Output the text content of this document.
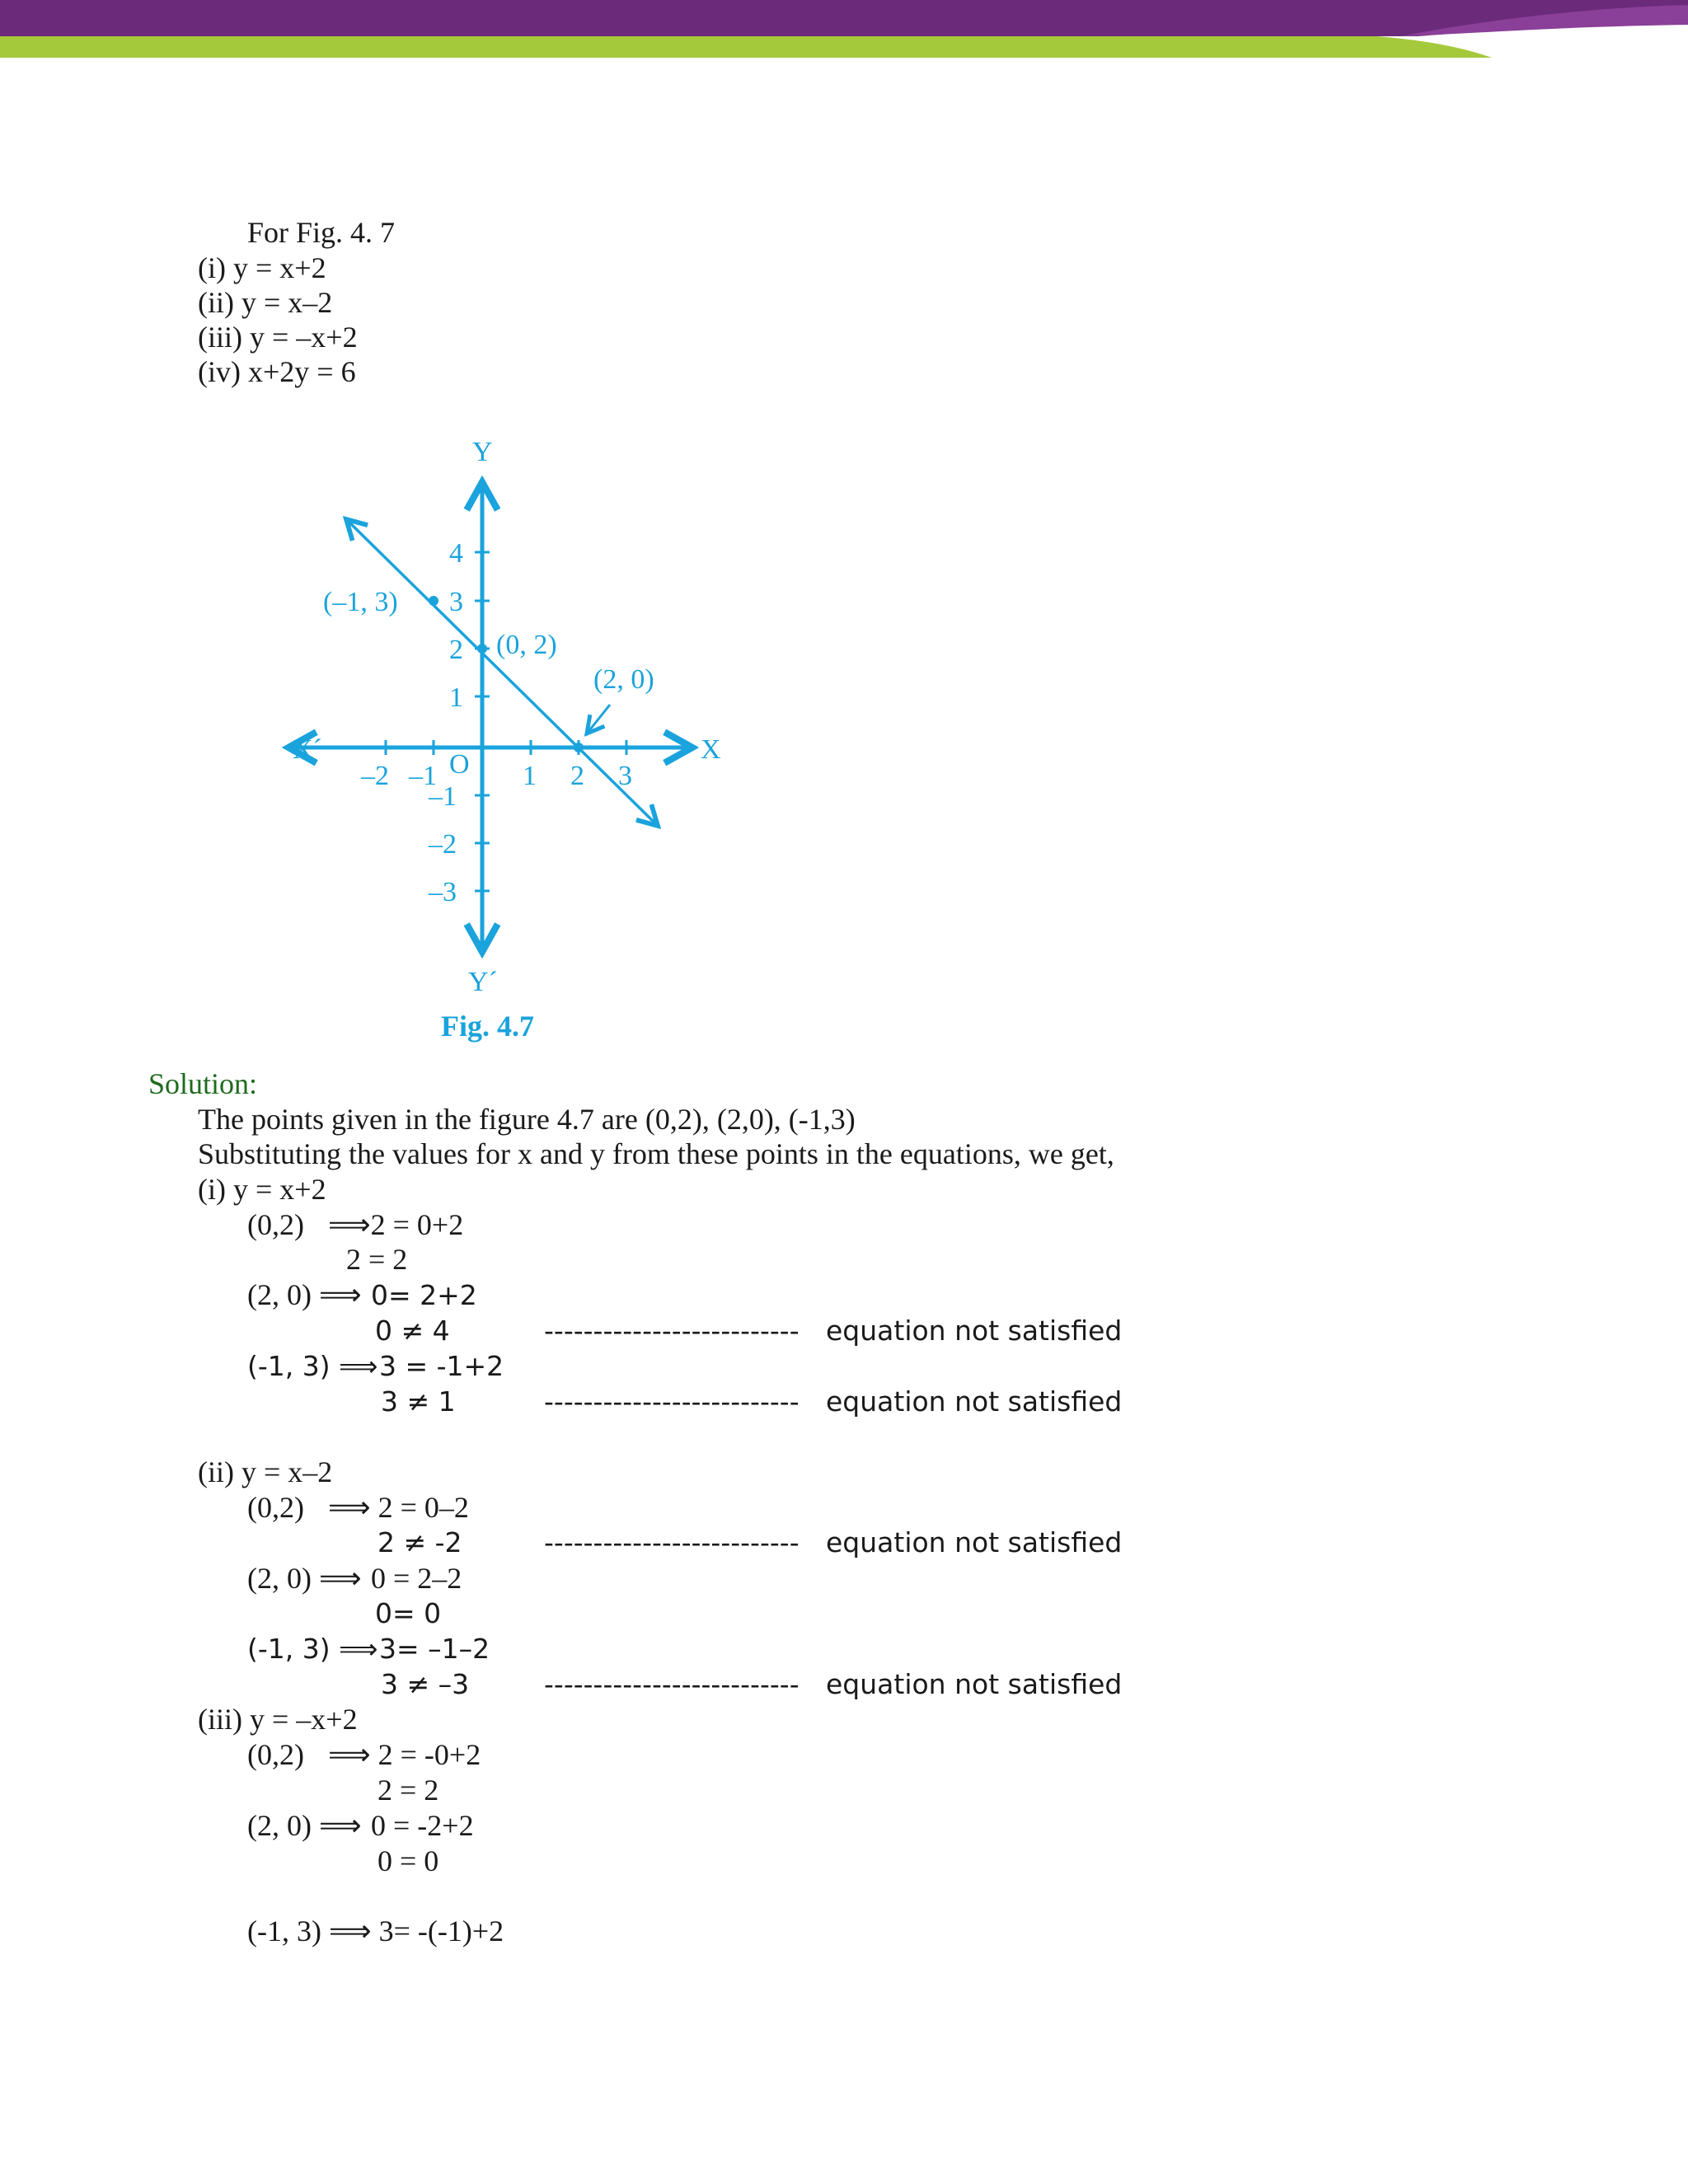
For Fig. 4. 7
(i) y = x+2
(ii) y = x–2
(iii) y = –x+2
(iv) x+2y = 6
Y
Y´
X
X´	O
–2 –1	1 2 3
4
3
2
1
–1
–2
–3
(–1, 3)
(0, 2)
(2, 0)
Fig. 4.7
Solution:
The points given in the figure 4.7 are (0,2), (2,0), (-1,3)
Substituting the values for x and y from these points in the equations, we get,
(i) y = x+2
(0,2) ⟹2 = 0+2
2 = 2
(2, 0) ⟹ 0= 2+2
0 ≠ 4	-------------------------- equation not satisfied
(-1, 3) ⟹ 3 = -1+2
3 ≠ 1	-------------------------- equation not satisfied
(ii) y = x–2
(0,2) ⟹ 2 = 0–2
2 ≠ -2	-------------------------- equation not satisfied
(2, 0) ⟹ 0 = 2–2
0= 0
(-1, 3) ⟹ 3= –1–2
3 ≠ –3	-------------------------- equation not satisfied
(iii) y = –x+2
(0,2) ⟹ 2 = -0+2
2 = 2
(2, 0) ⟹ 0 = -2+2
0 = 0
(-1, 3) ⟹ 3= -(-1)+2
